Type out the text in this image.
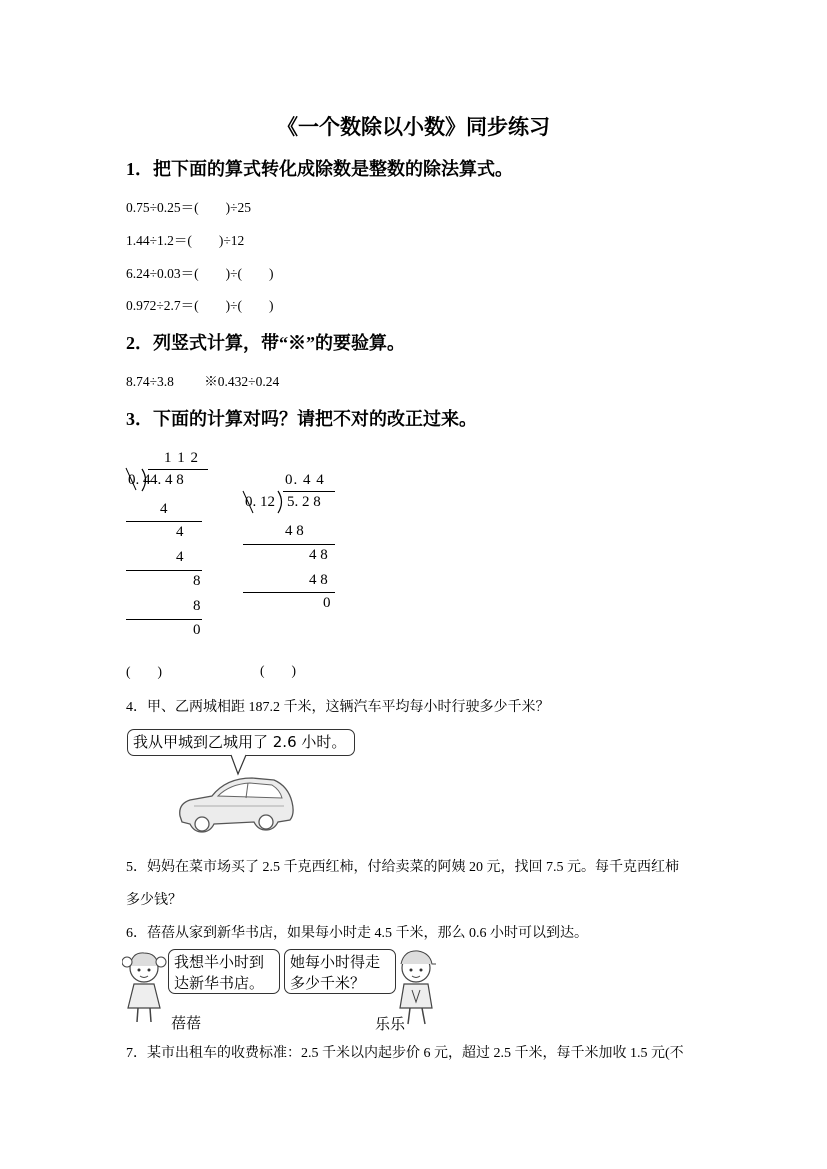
《一个数除以小数》同步练习
1．把下面的算式转化成除数是整数的除法算式。
0.75÷0.25＝(　　)÷25
1.44÷1.2＝(　　)÷12
6.24÷0.03＝(　　)÷(　　)
0.972÷2.7＝(　　)÷(　　)
2．列竖式计算，带“※”的要验算。
8.74÷3.8　　 ※0.432÷0.24
3．下面的计算对吗？请把不对的改正过来。
1 1 2
0. 4 4. 4 8
4
4
4
8
8
0
0. 4 4
0. 12 5. 2 8
4 8
4 8
4 8
0
(　　)	(　　)
4．甲、乙两城相距 187.2 千米，这辆汽车平均每小时行驶多少千米？
我从甲城到乙城用了 2.6 小时。
5．妈妈在菜市场买了 2.5 千克西红柿，付给卖菜的阿姨 20 元，找回 7.5 元。每千克西红柿
多少钱？
6．蓓蓓从家到新华书店，如果每小时走 4.5 千米，那么 0.6 小时可以到达。
我想半小时到
达新华书店。
她每小时得走
多少千米？
蓓蓓	乐乐
7．某市出租车的收费标准：2.5 千米以内起步价 6 元，超过 2.5 千米，每千米加收 1.5 元(不
